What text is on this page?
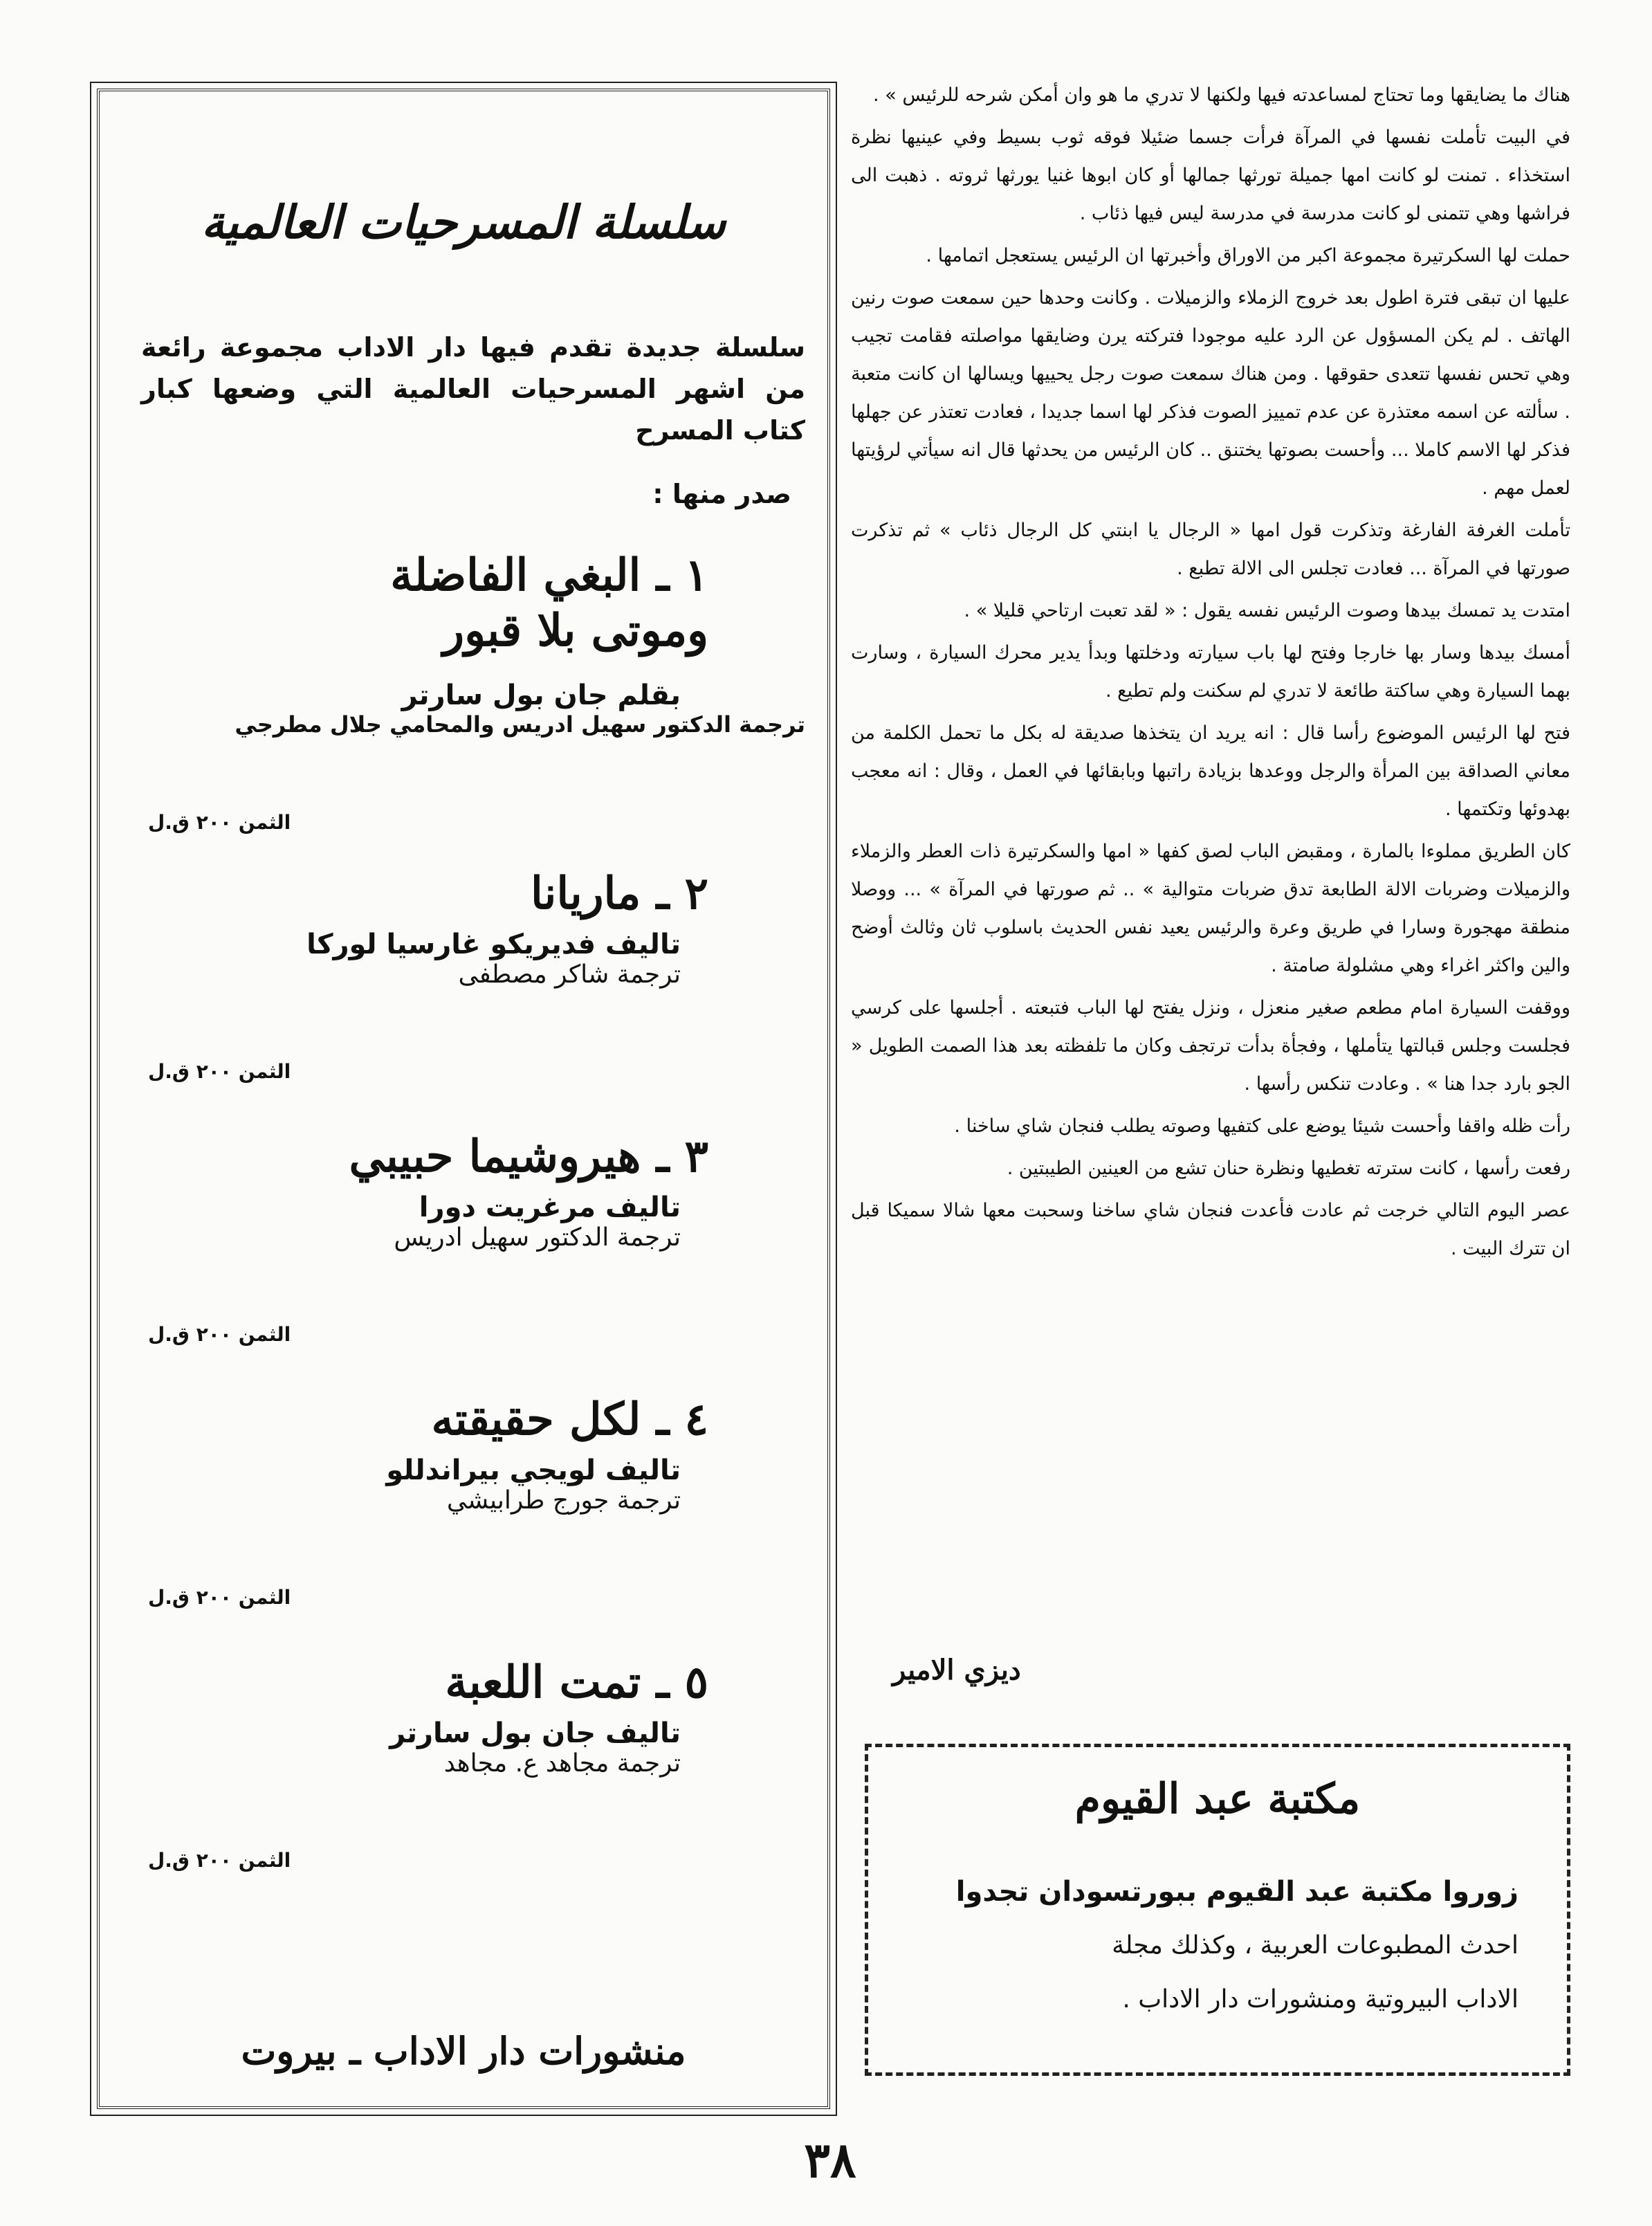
هناك ما يضايقها وما تحتاج لمساعدته فيها ولكنها لا تدري ما هو وان أمكن شرحه للرئيس » .

في البيت تأملت نفسها في المرآة فرأت جسما ضئيلا فوقه ثوب بسيط وفي عينيها نظرة استخذاء . تمنت لو كانت امها جميلة تورثها جمالها أو كان ابوها غنيا يورثها ثروته . ذهبت الى فراشها وهي تتمنى لو كانت مدرسة في مدرسة ليس فيها ذئاب .

حملت لها السكرتيرة مجموعة اكبر من الاوراق وأخبرتها ان الرئيس يستعجل اتمامها .

عليها ان تبقى فترة اطول بعد خروج الزملاء والزميلات . وكانت وحدها حين سمعت صوت رنين الهاتف . لم يكن المسؤول عن الرد عليه موجودا فتركته يرن وضايقها مواصلته فقامت تجيب وهي تحس نفسها تتعدى حقوقها . ومن هناك سمعت صوت رجل يحييها ويسالها ان كانت متعبة . سألته عن اسمه معتذرة عن عدم تمييز الصوت فذكر لها اسما جديدا ، فعادت تعتذر عن جهلها فذكر لها الاسم كاملا ... وأحست بصوتها يختنق .. كان الرئيس من يحدثها قال انه سيأتي لرؤيتها لعمل مهم .

تأملت الغرفة الفارغة وتذكرت قول امها « الرجال يا ابنتي كل الرجال ذئاب » ثم تذكرت صورتها في المرآة ... فعادت تجلس الى الالة تطبع .

امتدت يد تمسك بيدها وصوت الرئيس نفسه يقول : « لقد تعبت ارتاحي قليلا » .

أمسك بيدها وسار بها خارجا وفتح لها باب سيارته ودخلتها وبدأ يدير محرك السيارة ، وسارت بهما السيارة وهي ساكتة طائعة لا تدري لم سكنت ولم تطيع .

فتح لها الرئيس الموضوع رأسا قال : انه يريد ان يتخذها صديقة له بكل ما تحمل الكلمة من معاني الصداقة بين المرأة والرجل ووعدها بزيادة راتبها وبابقائها في العمل ، وقال : انه معجب بهدوئها وتكتمها .

كان الطريق مملوءا بالمارة ، ومقبض الباب لصق كفها « امها والسكرتيرة ذات العطر والزملاء والزميلات وضربات الالة الطابعة تدق ضربات متوالية » .. ثم صورتها في المرآة » ... ووصلا منطقة مهجورة وسارا في طريق وعرة والرئيس يعيد نفس الحديث باسلوب ثان وثالث أوضح والين واكثر اغراء وهي مشلولة صامتة .

ووقفت السيارة امام مطعم صغير منعزل ، ونزل يفتح لها الباب فتبعته . أجلسها على كرسي فجلست وجلس قبالتها يتأملها ، وفجأة بدأت ترتجف وكان ما تلفظته بعد هذا الصمت الطويل « الجو بارد جدا هنا » . وعادت تنكس رأسها .

رأت ظله واقفا وأحست شيئا يوضع على كتفيها وصوته يطلب فنجان شاي ساخنا .

رفعت رأسها ، كانت سترته تغطيها ونظرة حنان تشع من العينين الطيبتين .

عصر اليوم التالي خرجت ثم عادت فأعدت فنجان شاي ساخنا وسحبت معها شالا سميكا قبل ان تترك البيت .

ديزي الامير
سلسلة المسرحيات العالمية
سلسلة جديدة تقدم فيها دار الاداب مجموعة رائعة من اشهر المسرحيات العالمية التي وضعها كبار كتاب المسرح
صدر منها :

١ ـ البغي الفاضلة

وموتى بلا قبور

بقلم جان بول سارتر

ترجمة الدكتور سهيل ادريس والمحامي جلال مطرجي

الثمن ٢٠٠ ق.ل

٢ ـ ماريانا

تاليف فديريكو غارسيا لوركا

ترجمة شاكر مصطفى

الثمن ٢٠٠ ق.ل

٣ ـ هيروشيما حبيبي

تاليف مرغريت دورا

ترجمة الدكتور سهيل ادريس

الثمن ٢٠٠ ق.ل

٤ ـ لكل حقيقته

تاليف لويجي بيراندللو

ترجمة جورج طرابيشي

الثمن ٢٠٠ ق.ل

٥ ـ تمت اللعبة

تاليف جان بول سارتر

ترجمة مجاهد ع. مجاهد

الثمن ٢٠٠ ق.ل
منشورات دار الاداب ـ بيروت
مكتبة عبد القيوم
زوروا مكتبة عبد القيوم ببورتسودان تجدوا
احدث المطبوعات العربية ، وكذلك مجلة
الاداب البيروتية ومنشورات دار الاداب .
٣٨
